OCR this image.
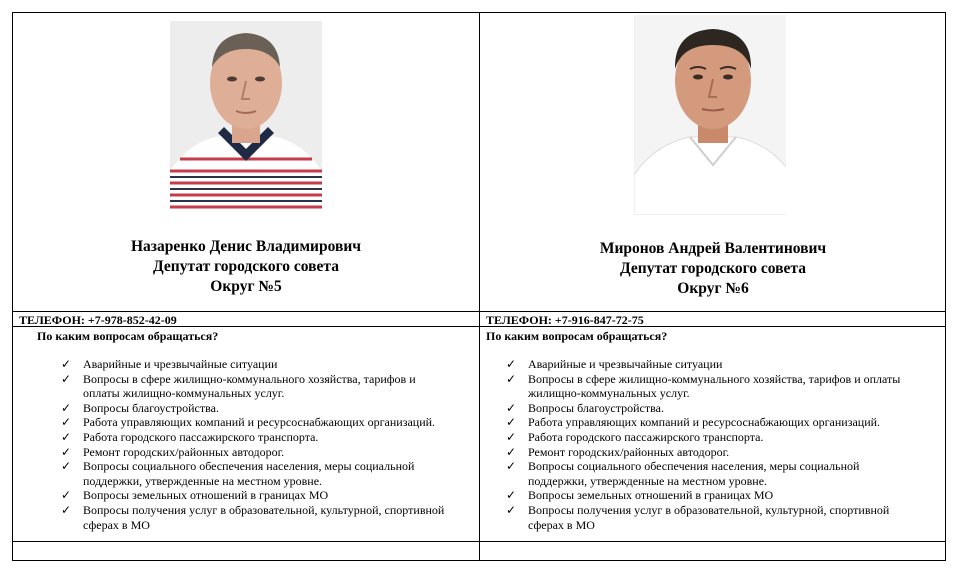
Назаренко Денис Владимирович
Депутат городского совета
Округ №5
ТЕЛЕФОН: +7-978-852-42-09
По каким вопросам обращаться?
✓ Аварийные и чрезвычайные ситуации
✓ Вопросы в сфере жилищно-коммунального хозяйства, тарифов и
оплаты жилищно-коммунальных услуг.
✓ Вопросы благоустройства.
✓ Работа управляющих компаний и ресурсоснабжающих организаций.
✓ Работа городского пассажирского транспорта.
✓ Ремонт городских/районных автодорог.
✓ Вопросы социального обеспечения населения, меры социальной
поддержки, утвержденные на местном уровне.
✓ Вопросы земельных отношений в границах МО
✓ Вопросы получения услуг в образовательной, культурной, спортивной
сферах в МО
Миронов Андрей Валентинович
Депутат городского совета
Округ №6
ТЕЛЕФОН: +7-916-847-72-75
По каким вопросам обращаться?
✓ Аварийные и чрезвычайные ситуации
✓ Вопросы в сфере жилищно-коммунального хозяйства, тарифов и оплаты
жилищно-коммунальных услуг.
✓ Вопросы благоустройства.
✓ Работа управляющих компаний и ресурсоснабжающих организаций.
✓ Работа городского пассажирского транспорта.
✓ Ремонт городских/районных автодорог.
✓ Вопросы социального обеспечения населения, меры социальной
поддержки, утвержденные на местном уровне.
✓ Вопросы земельных отношений в границах МО
✓ Вопросы получения услуг в образовательной, культурной, спортивной
сферах в МО
